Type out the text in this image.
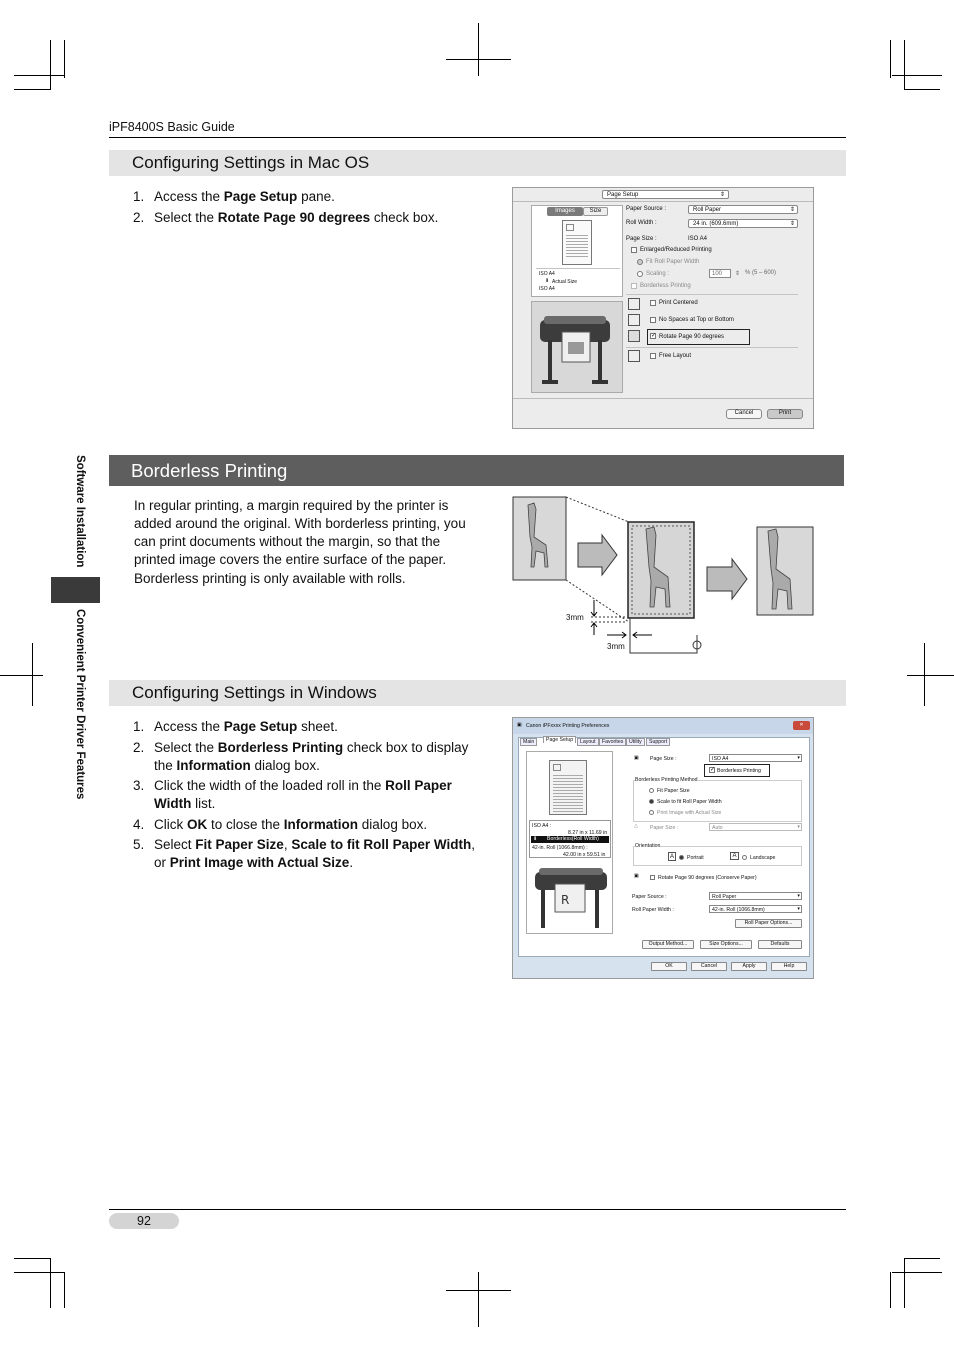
iPF8400S Basic Guide
Configuring Settings in Mac OS
1. Access the Page Setup pane.
2. Select the Rotate Page 90 degrees check box.
Page Setup	⇕
Images	Size
ISO A4
⬇ Actual Size
ISO A4
Paper Source :	Roll Paper	⇕
Roll Width :	24 in. (609.6mm)	⇕
Page Size :	ISO A4
Enlarged/Reduced Printing
Fit Roll Paper Width
Scaling :	100 ⇕ % (5 – 600)
Borderless Printing
Print Centered
No Spaces at Top or Bottom
✓ Rotate Page 90 degrees
Free Layout
Cancel	Print
Borderless Printing

In regular printing, a margin required by the printer is added around the original. With borderless printing, you can print documents without the margin, so that the printed image covers the entire surface of the paper.

Borderless printing is only available with rolls.

3mm
3mm
Configuring Settings in Windows
1. Access the Page Setup sheet.
2. Select the Borderless Printing check box to display the Information dialog box.
3. Click the width of the loaded roll in the Roll Paper Width list.
4. Click OK to close the Information dialog box.
5. Select Fit Paper Size, Scale to fit Roll Paper Width, or Print Image with Actual Size.
▣ Canon iPFxxxx Printing Preferences	✕
Main	Page Setup	Layout	Favorites	Utility	Support
ISO A4 :
8.27 in x 11.69 in
⬇ Borderless(Roll Width)
42-in. Roll (1066.8mm) :
42.00 in x 59.51 in
R
▣ Page Size :	ISO A4	▾
✓ Borderless Printing
Borderless Printing Method
Fit Paper Size
Scale to fit Roll Paper Width
Print Image with Actual Size
△ Paper Size :	Auto	▾
Orientation
A	Portrait	A	Landscape
▣	Rotate Page 90 degrees (Conserve Paper)
Paper Source :	Roll Paper	▾
Roll Paper Width :	42-in. Roll (1066.8mm)	▾
Roll Paper Options...
Output Method...	Size Options...	Defaults
OK	Cancel	Apply	Help
Software Installation
Convenient Printer Driver Features
92
